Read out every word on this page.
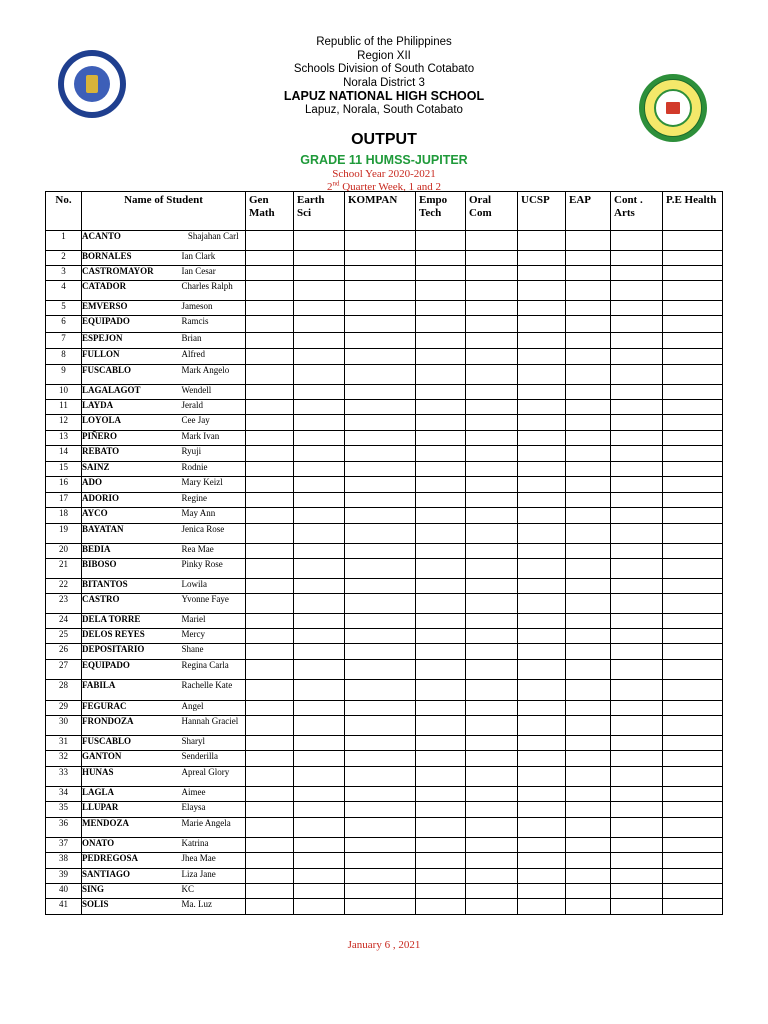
Republic of the Philippines
Region XII
Schools Division of South Cotabato
Norala District 3
LAPUZ NATIONAL HIGH SCHOOL
Lapuz, Norala, South Cotabato
OUTPUT
GRADE 11 HUMSS-JUPITER
School Year 2020-2021
2nd Quarter Week, 1 and 2
No.	Name of Student		Gen Math	Earth Sci	KOMPAN	Empo Tech	Oral Com	UCSP	EAP	Cont . Arts	P.E Health
1	ACANTO	Shajahan Carl									
2	BORNALES	Ian Clark									
3	CASTROMAYOR	Ian Cesar									
4	CATADOR	Charles Ralph									
5	EMVERSO	Jameson									
6	EQUIPADO	Ramcis									
7	ESPEJON	Brian									
8	FULLON	Alfred									
9	FUSCABLO	Mark Angelo									
10	LAGALAGOT	Wendell									
11	LAYDA	Jerald									
12	LOYOLA	Cee Jay									
13	PIÑERO	Mark Ivan									
14	REBATO	Ryuji									
15	SAINZ	Rodnie									
16	ADO	Mary Keizl									
17	ADORIO	Regine									
18	AYCO	May Ann									
19	BAYATAN	Jenica Rose									
20	BEDIA	Rea Mae									
21	BIBOSO	Pinky Rose									
22	BITANTOS	Lowila									
23	CASTRO	Yvonne Faye									
24	DELA TORRE	Mariel									
25	DELOS REYES	Mercy									
26	DEPOSITARIO	Shane									
27	EQUIPADO	Regina Carla									
28	FABILA	Rachelle Kate									
29	FEGURAC	Angel									
30	FRONDOZA	Hannah Graciel									
31	FUSCABLO	Sharyl									
32	GANTON	Senderilla									
33	HUNAS	Apreal Glory									
34	LAGLA	Aimee									
35	LLUPAR	Elaysa									
36	MENDOZA	Marie Angela									
37	ONATO	Katrina									
38	PEDREGOSA	Jhea Mae									
39	SANTIAGO	Liza Jane									
40	SING	KC									
41	SOLIS	Ma. Luz									
January 6 , 2021
